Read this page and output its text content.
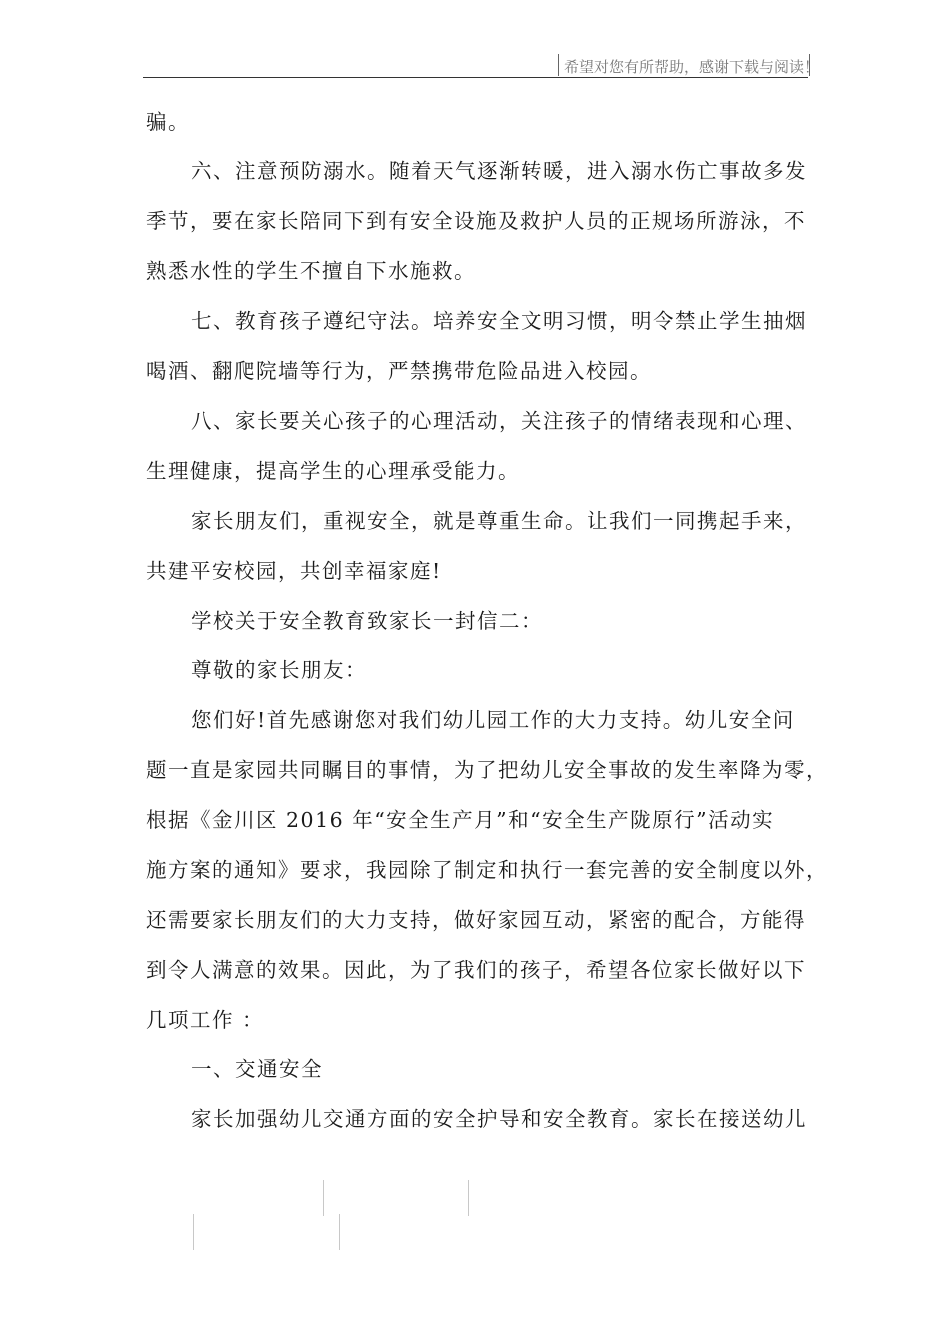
希望对您有所帮助，感谢下载与阅读！
骗。
六、注意预防溺水。随着天气逐渐转暖，进入溺水伤亡事故多发
季节，要在家长陪同下到有安全设施及救护人员的正规场所游泳，不
熟悉水性的学生不擅自下水施救。
七、教育孩子遵纪守法。培养安全文明习惯，明令禁止学生抽烟
喝酒、翻爬院墙等行为，严禁携带危险品进入校园。
八、家长要关心孩子的心理活动，关注孩子的情绪表现和心理、
生理健康，提高学生的心理承受能力。
家长朋友们，重视安全，就是尊重生命。让我们一同携起手来，
共建平安校园，共创幸福家庭!
学校关于安全教育致家长一封信二：
尊敬的家长朋友：
您们好!首先感谢您对我们幼儿园工作的大力支持。幼儿安全问
题一直是家园共同瞩目的事情，为了把幼儿安全事故的发生率降为零，
根据《金川区 2016 年“安全生产月”和“安全生产陇原行”活动实
施方案的通知》要求，我园除了制定和执行一套完善的安全制度以外，
还需要家长朋友们的大力支持，做好家园互动，紧密的配合，方能得
到令人满意的效果。因此，为了我们的孩子，希望各位家长做好以下
几项工作 ：
一、交通安全
家长加强幼儿交通方面的安全护导和安全教育。家长在接送幼儿
